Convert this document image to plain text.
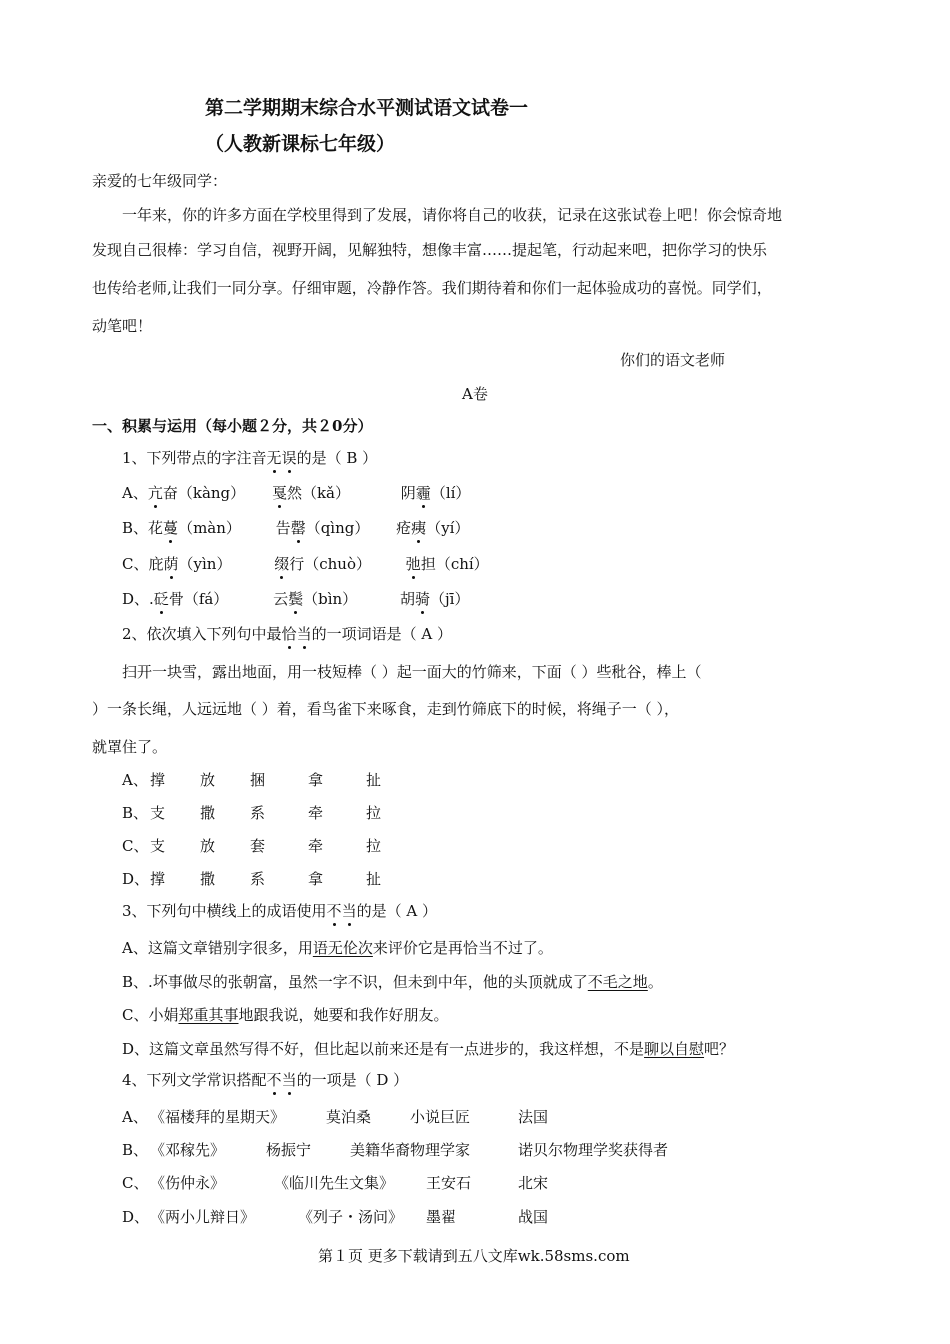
第二学期期末综合水平测试语文试卷一
（人教新课标七年级）
亲爱的七年级同学：
一年来，你的许多方面在学校里得到了发展，请你将自己的收获，记录在这张试卷上吧！你会惊奇地
发现自己很棒：学习自信，视野开阔，见解独特，想像丰富……提起笔，行动起来吧，把你学习的快乐
也传给老师,让我们一同分享。仔细审题，冷静作答。我们期待着和你们一起体验成功的喜悦。同学们，
动笔吧！
你们的语文老师
A卷
一、积累与运用（每小题２分，共２0分）
1、下列带点的字注音无误的是（ B ）
A、亢奋（kàng） 戛然（kǎ）	阴霾（lí）
B、花蔓（màn） 告罄（qìng） 疮痍（yí）
C、庇荫（yìn）	缀行（chuò） 弛担（chí）
D、.砭骨（fá）	云鬓（bìn）	胡骑（jī）
2、依次填入下列句中最恰当的一项词语是（ A ）
扫开一块雪，露出地面，用一枝短棒（ ）起一面大的竹筛来，下面（ ）些秕谷，棒上（
）一条长绳，人远远地（ ）着，看鸟雀下来啄食，走到竹筛底下的时候，将绳子一（ ），
就罩住了。
A、 撑 放 捆	拿	扯
B、 支 撒 系	牵	拉
C、 支 放 套	牵	拉
D、撑 撒 系	拿	扯
3、下列句中横线上的成语使用不当的是（ A ）
A、这篇文章错别字很多，用语无伦次来评价它是再恰当不过了。
B、.坏事做尽的张朝富，虽然一字不识，但未到中年，他的头顶就成了不毛之地。
C、小娟郑重其事地跟我说，她要和我作好朋友。
D、这篇文章虽然写得不好，但比起以前来还是有一点进步的，我这样想，不是聊以自慰吧？
4、下列文学常识搭配不当的一项是（ D ）
A、 《福楼拜的星期天》	莫泊桑	小说巨匠	法国
B、 《邓稼先》	杨振宁	美籍华裔物理学家	诺贝尔物理学奖获得者
C、 《伤仲永》	《临川先生文集》 王安石	北宋
D、《两小儿辩日》	《列子・汤问》 墨翟	战国
第１页 更多下载请到五八文库wk.58sms.com
